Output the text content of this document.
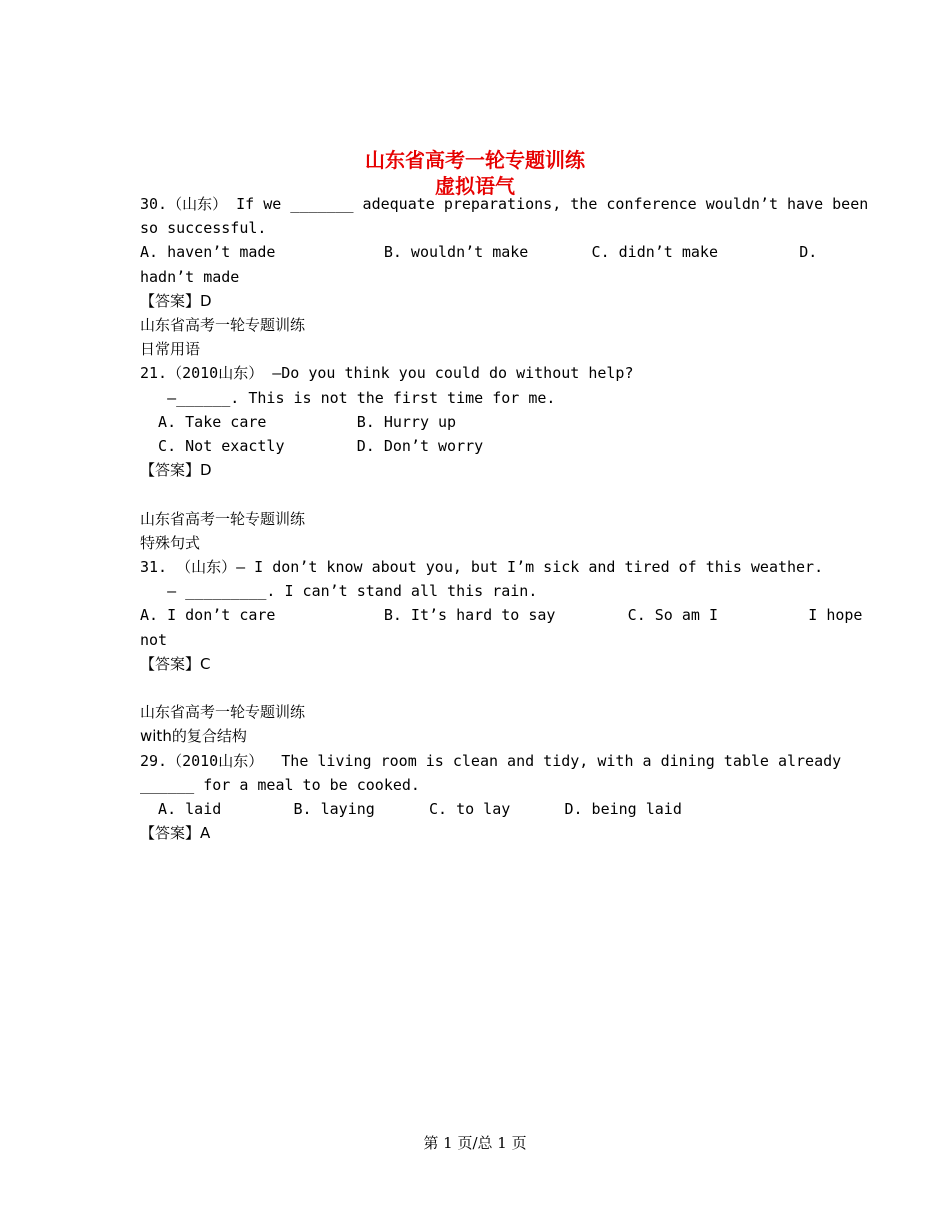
山东省高考一轮专题训练
虚拟语气
30.（山东） If we _______ adequate preparations, the conference wouldn’t have been
so successful.
A. haven’t made            B. wouldn’t make       C. didn’t make         D.
hadn’t made
【答案】D
山东省高考一轮专题训练
日常用语
21.（2010山东） —Do you think you could do without help?
—______. This is not the first time for me.
A. Take care          B. Hurry up
C. Not exactly        D. Don’t worry
【答案】D
山东省高考一轮专题训练
特殊句式
31. （山东）— I don’t know about you, but I’m sick and tired of this weather.
— _________. I can’t stand all this rain.
A. I don’t care            B. It’s hard to say        C. So am I          I hope
not
【答案】C
山东省高考一轮专题训练
with的复合结构
29.（2010山东）  The living room is clean and tidy, with a dining table already
______ for a meal to be cooked.
A. laid        B. laying      C. to lay      D. being laid
【答案】A
第 1 页/总 1 页
